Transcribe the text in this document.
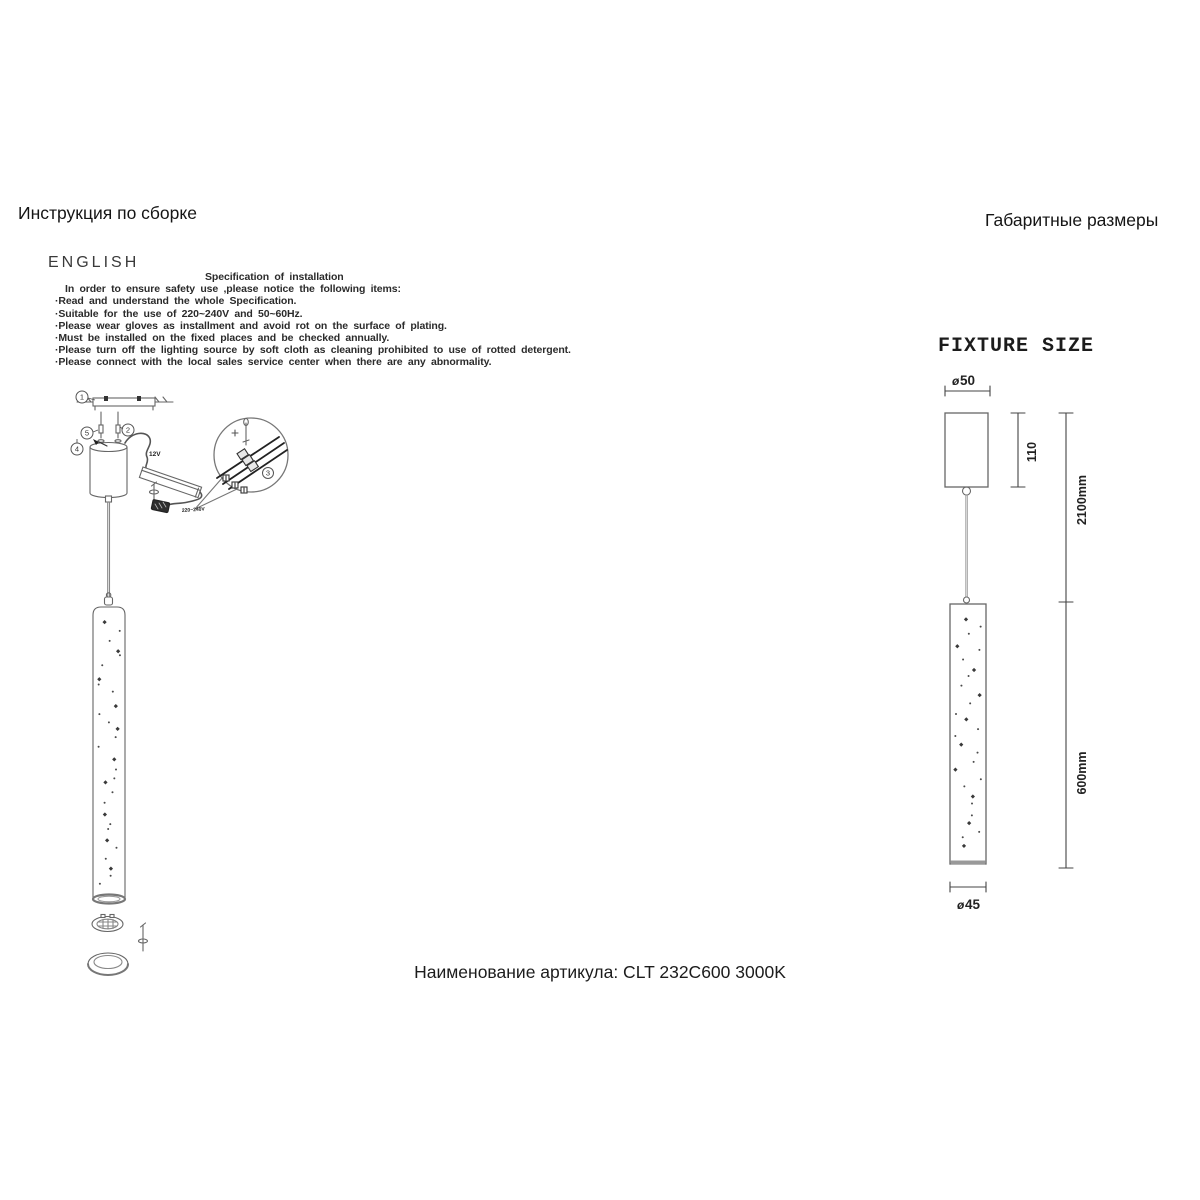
Инструкция по сборке	Габаритные размеры
ENGLISH
Specification of installation
In order to ensure safety use ,please notice the following items:
·Read and understand the whole Specification.
·Suitable for the use of 220~240V and 50~60Hz.
·Please wear gloves as installment and avoid rot on the surface of plating.
·Must be installed on the fixed places and be checked annually.
·Please turn off the lighting source by soft cloth as cleaning prohibited to use of rotted detergent.
·Please connect with the local sales service center when there are any abnormality.
FIXTURE SIZE
Наименование артикула: CLT 232C600 3000K
1
5	2
4
3
12V
220~240V
ø 50
110
2100mm
600mm
ø 45
